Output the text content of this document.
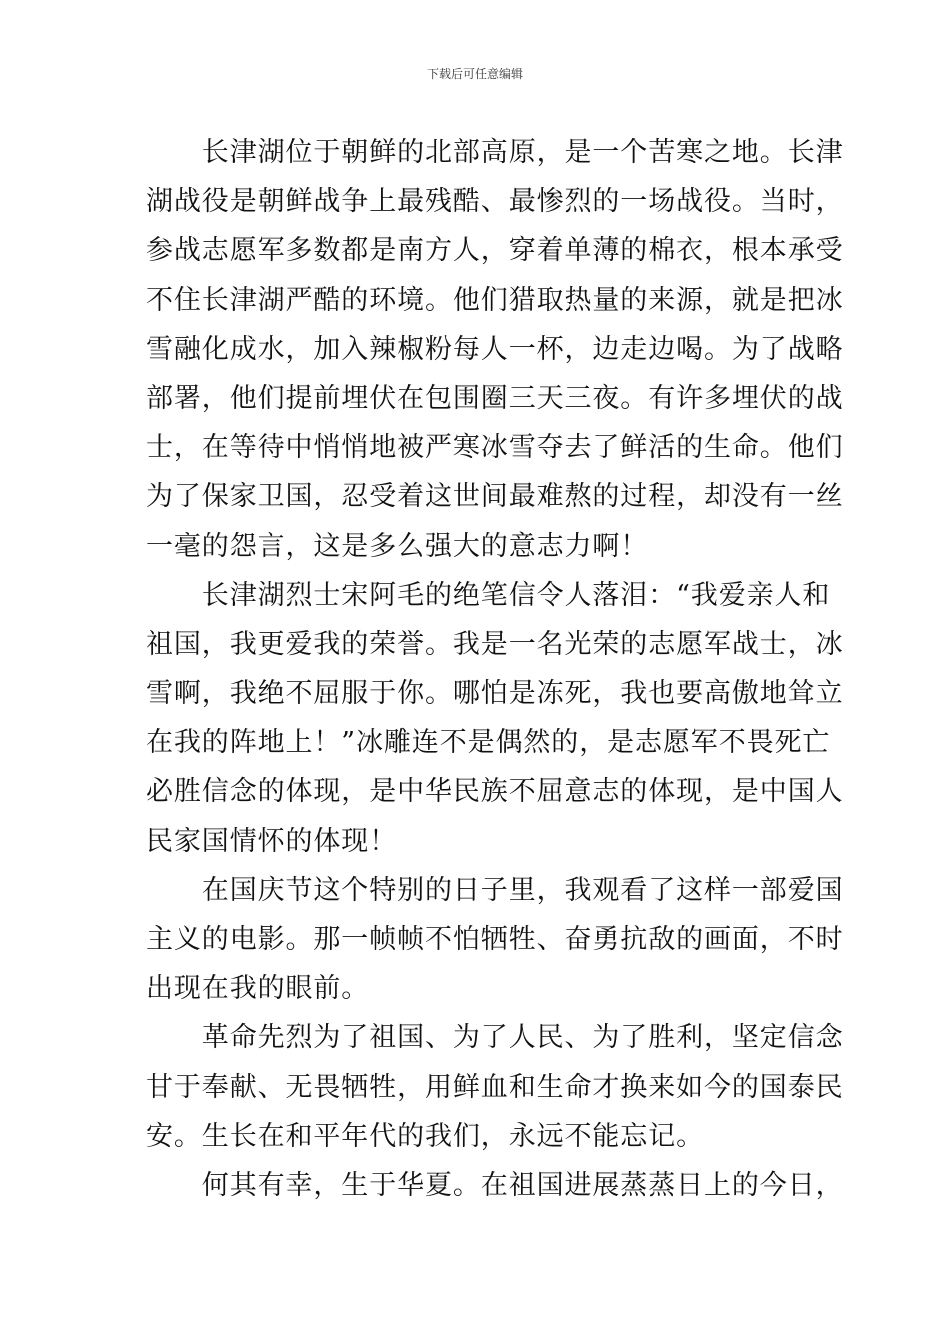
下载后可任意编辑
　　长津湖位于朝鲜的北部高原，是一个苦寒之地。长津
湖战役是朝鲜战争上最残酷、最惨烈的一场战役。当时，
参战志愿军多数都是南方人，穿着单薄的棉衣，根本承受
不住长津湖严酷的环境。他们猎取热量的来源，就是把冰
雪融化成水，加入辣椒粉每人一杯，边走边喝。为了战略
部署，他们提前埋伏在包围圈三天三夜。有许多埋伏的战
士，在等待中悄悄地被严寒冰雪夺去了鲜活的生命。他们
为了保家卫国，忍受着这世间最难熬的过程，却没有一丝
一毫的怨言，这是多么强大的意志力啊！
　　长津湖烈士宋阿毛的绝笔信令人落泪：“我爱亲人和
祖国，我更爱我的荣誉。我是一名光荣的志愿军战士，冰
雪啊，我绝不屈服于你。哪怕是冻死，我也要高傲地耸立
在我的阵地上！”冰雕连不是偶然的，是志愿军不畏死亡
必胜信念的体现，是中华民族不屈意志的体现，是中国人
民家国情怀的体现！
　　在国庆节这个特别的日子里，我观看了这样一部爱国
主义的电影。那一帧帧不怕牺牲、奋勇抗敌的画面，不时
出现在我的眼前。
　　革命先烈为了祖国、为了人民、为了胜利，坚定信念
甘于奉献、无畏牺牲，用鲜血和生命才换来如今的国泰民
安。生长在和平年代的我们，永远不能忘记。
　　何其有幸，生于华夏。在祖国进展蒸蒸日上的今日，
